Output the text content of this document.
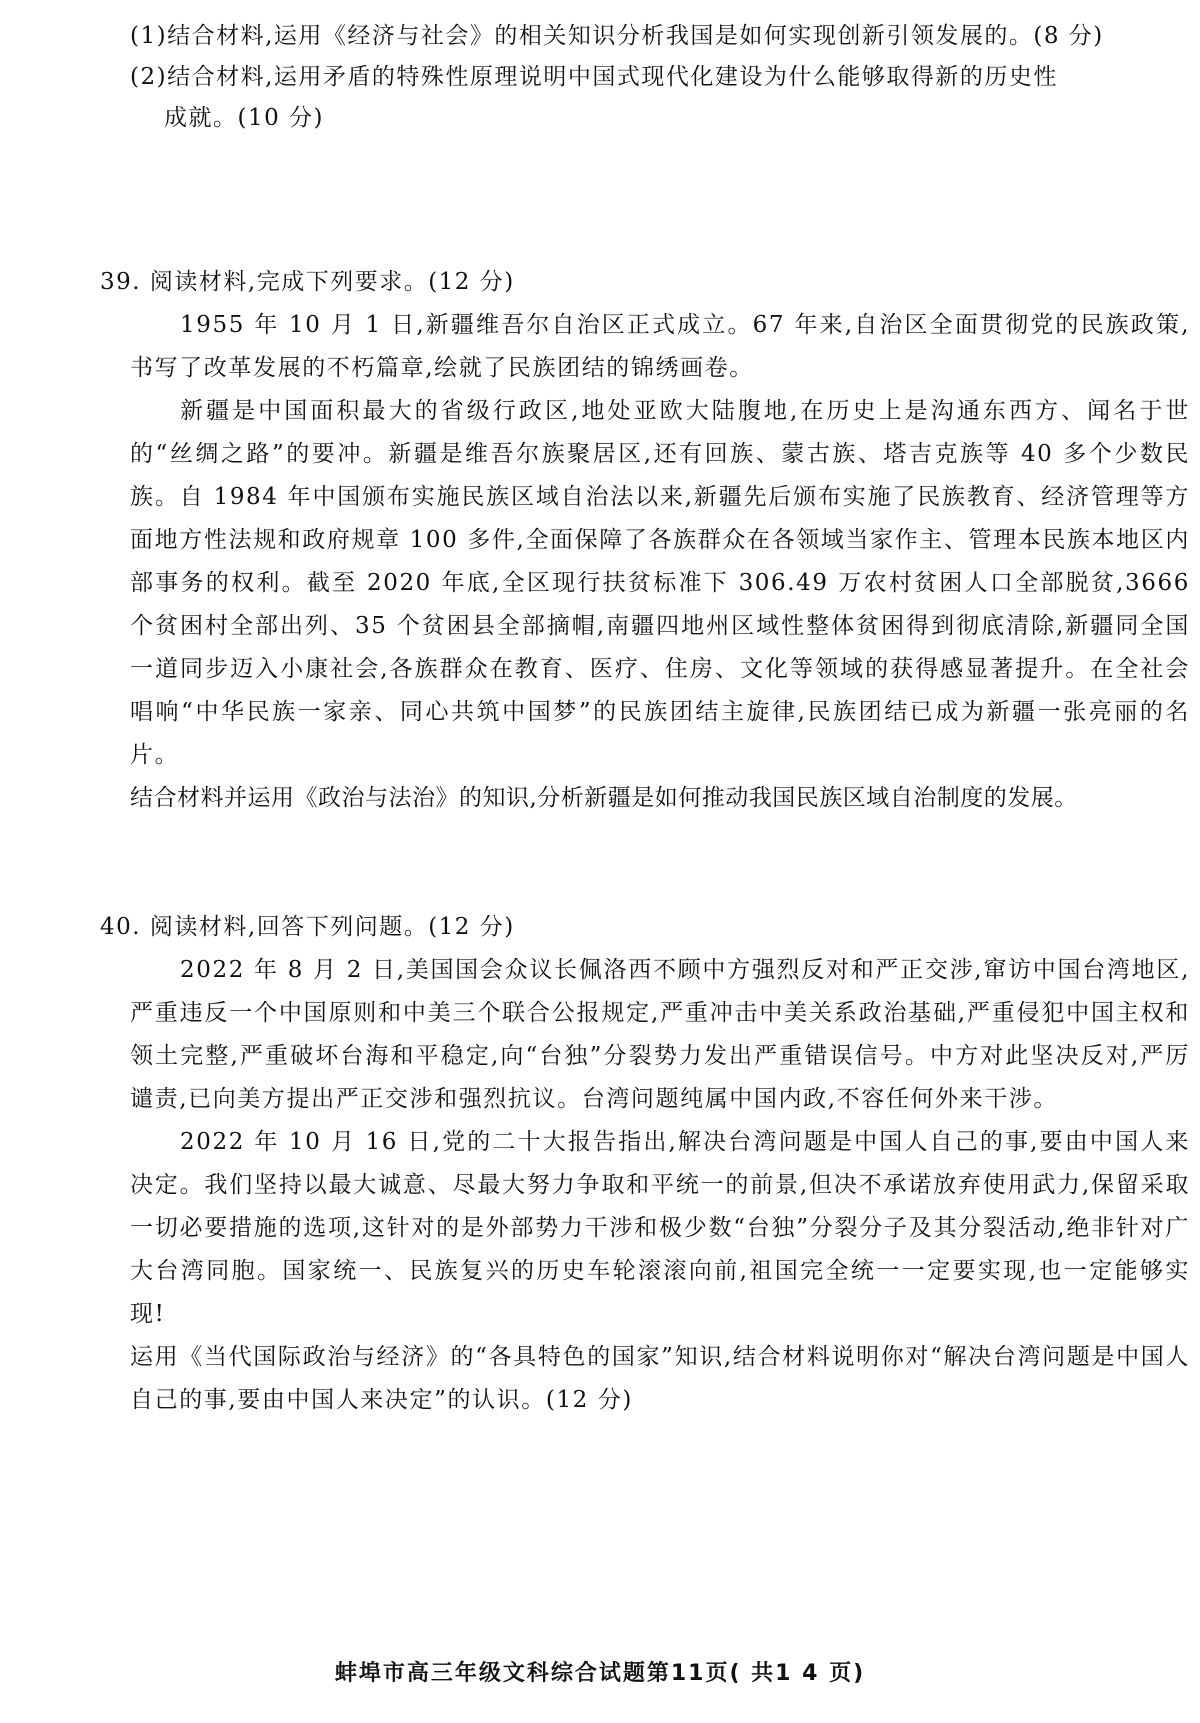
(1)结合材料,运用《经济与社会》的相关知识分析我国是如何实现创新引领发展的。(8 分)
(2)结合材料,运用矛盾的特殊性原理说明中国式现代化建设为什么能够取得新的历史性
成就。(10 分)
39. 阅读材料,完成下列要求。(12 分)

1955 年 10 月 1 日,新疆维吾尔自治区正式成立。67 年来,自治区全面贯彻党的民族政策,书写了改革发展的不朽篇章,绘就了民族团结的锦绣画卷。

新疆是中国面积最大的省级行政区,地处亚欧大陆腹地,在历史上是沟通东西方、闻名于世的“丝绸之路”的要冲。新疆是维吾尔族聚居区,还有回族、蒙古族、塔吉克族等 40 多个少数民族。自 1984 年中国颁布实施民族区域自治法以来,新疆先后颁布实施了民族教育、经济管理等方面地方性法规和政府规章 100 多件,全面保障了各族群众在各领域当家作主、管理本民族本地区内部事务的权利。截至 2020 年底,全区现行扶贫标准下 306.49 万农村贫困人口全部脱贫,3666 个贫困村全部出列、35 个贫困县全部摘帽,南疆四地州区域性整体贫困得到彻底清除,新疆同全国一道同步迈入小康社会,各族群众在教育、医疗、住房、文化等领域的获得感显著提升。在全社会唱响“中华民族一家亲、同心共筑中国梦”的民族团结主旋律,民族团结已成为新疆一张亮丽的名片。

结合材料并运用《政治与法治》的知识,分析新疆是如何推动我国民族区域自治制度的发展。

40. 阅读材料,回答下列问题。(12 分)

2022 年 8 月 2 日,美国国会众议长佩洛西不顾中方强烈反对和严正交涉,窜访中国台湾地区,严重违反一个中国原则和中美三个联合公报规定,严重冲击中美关系政治基础,严重侵犯中国主权和领土完整,严重破坏台海和平稳定,向“台独”分裂势力发出严重错误信号。中方对此坚决反对,严厉谴责,已向美方提出严正交涉和强烈抗议。台湾问题纯属中国内政,不容任何外来干涉。

2022 年 10 月 16 日,党的二十大报告指出,解决台湾问题是中国人自己的事,要由中国人来决定。我们坚持以最大诚意、尽最大努力争取和平统一的前景,但决不承诺放弃使用武力,保留采取一切必要措施的选项,这针对的是外部势力干涉和极少数“台独”分裂分子及其分裂活动,绝非针对广大台湾同胞。国家统一、民族复兴的历史车轮滚滚向前,祖国完全统一一定要实现,也一定能够实现!

运用《当代国际政治与经济》的“各具特色的国家”知识,结合材料说明你对“解决台湾问题是中国人自己的事,要由中国人来决定”的认识。(12 分)

蚌埠市高三年级文科综合试题第11页( 共1 4 页)
